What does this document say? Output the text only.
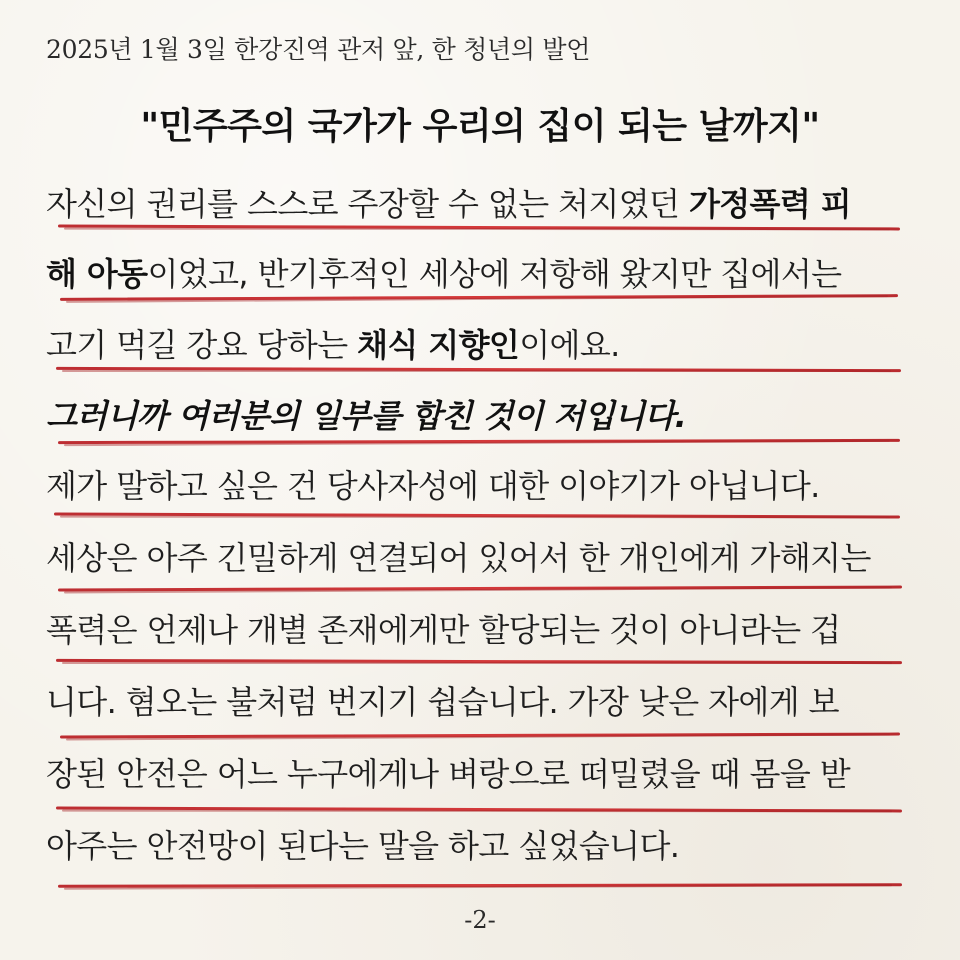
2025년 1월 3일 한강진역 관저 앞, 한 청년의 발언
"민주주의 국가가 우리의 집이 되는 날까지"
자신의 권리를 스스로 주장할 수 없는 처지였던 가정폭력 피
해 아동이었고, 반기후적인 세상에 저항해 왔지만 집에서는
고기 먹길 강요 당하는 채식 지향인이에요.
그러니까 여러분의 일부를 합친 것이 저입니다.
제가 말하고 싶은 건 당사자성에 대한 이야기가 아닙니다.
세상은 아주 긴밀하게 연결되어 있어서 한 개인에게 가해지는
폭력은 언제나 개별 존재에게만 할당되는 것이 아니라는 겁
니다. 혐오는 불처럼 번지기 쉽습니다. 가장 낮은 자에게 보
장된 안전은 어느 누구에게나 벼랑으로 떠밀렸을 때 몸을 받
아주는 안전망이 된다는 말을 하고 싶었습니다.
-2-
